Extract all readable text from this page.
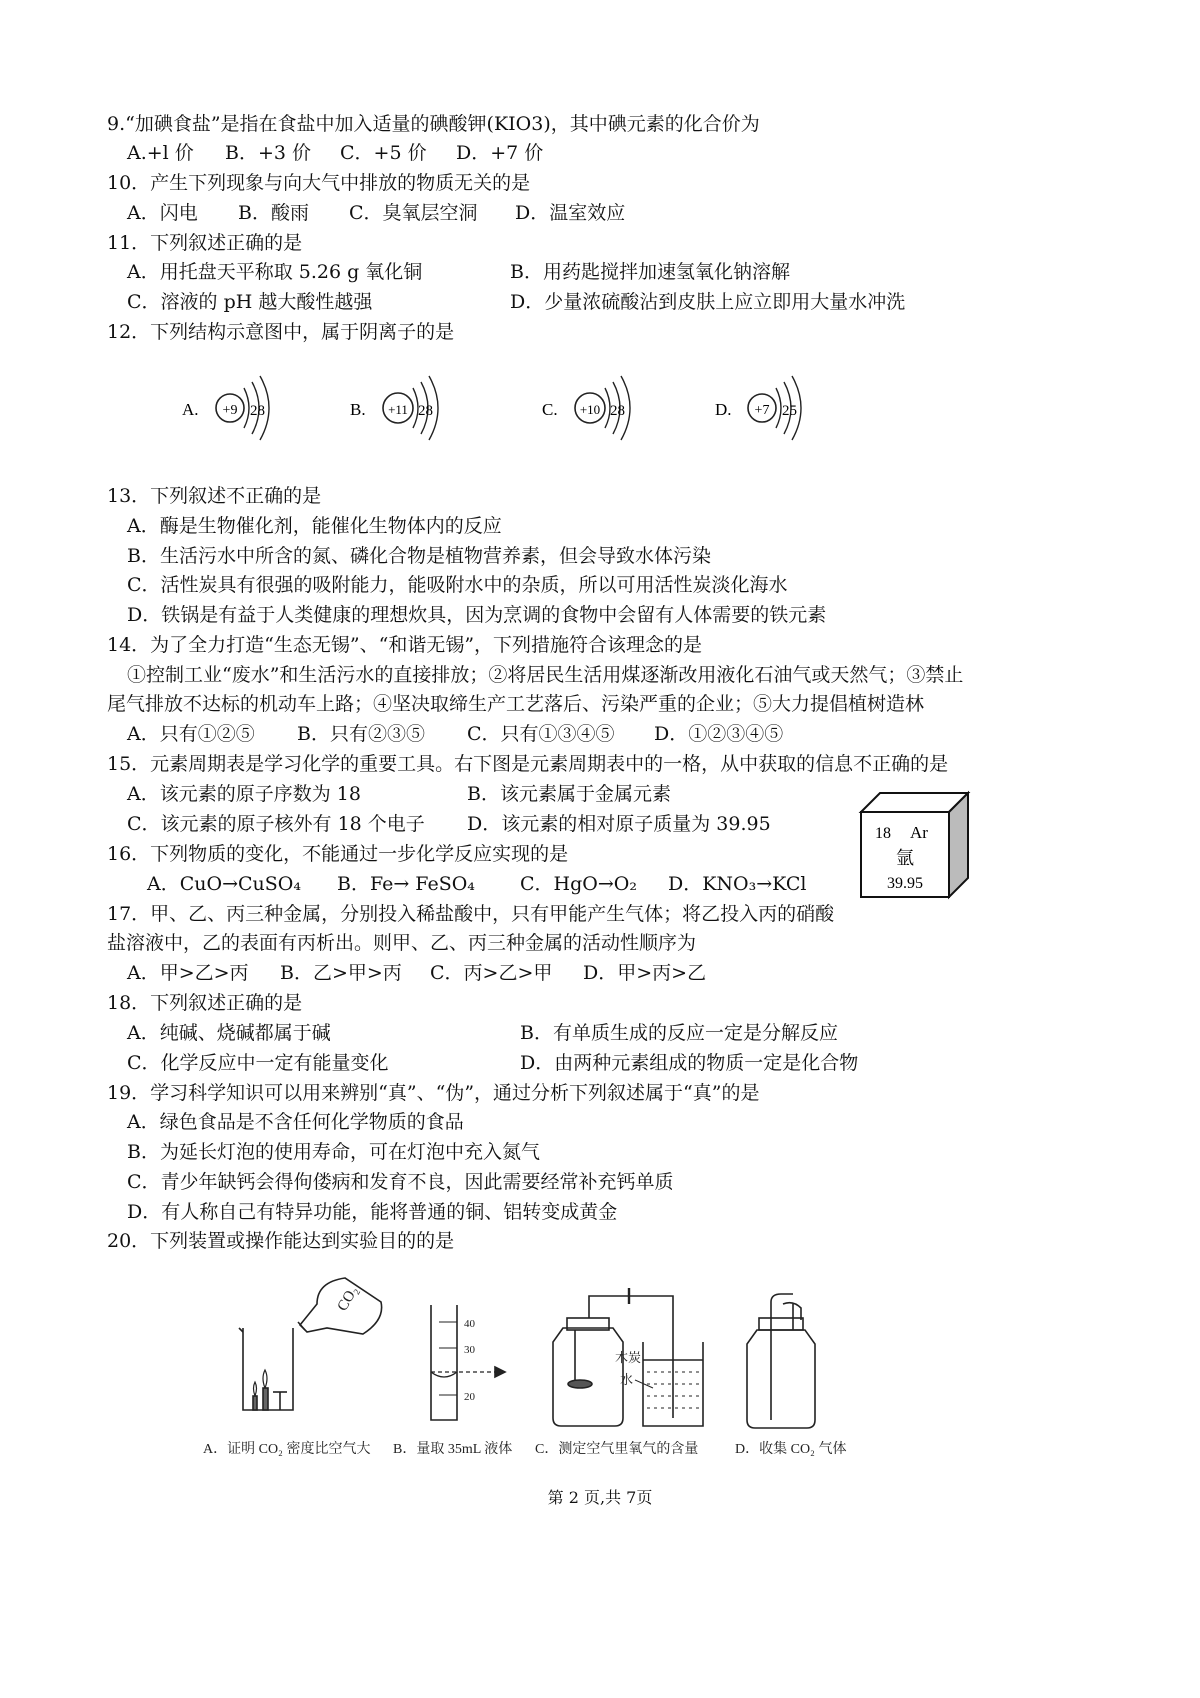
9.“加碘食盐”是指在食盐中加入适量的碘酸钾(KIO3)，其中碘元素的化合价为
A.+l 价 B．+3 价 C．+5 价 D．+7 价
10．产生下列现象与向大气中排放的物质无关的是
A．闪电 B．酸雨 C．臭氧层空洞 D．温室效应
11．下列叙述正确的是
A．用托盘天平称取 5.26 g 氧化铜	B．用药匙搅拌加速氢氧化钠溶解
C．溶液的 pH 越大酸性越强	D．少量浓硫酸沾到皮肤上应立即用大量水冲洗
12．下列结构示意图中，属于阴离子的是
A. +9 28	B. +11 28	C. +10 28	D. +7 25
13．下列叙述不正确的是
A．酶是生物催化剂，能催化生物体内的反应
B．生活污水中所含的氮、磷化合物是植物营养素，但会导致水体污染
C．活性炭具有很强的吸附能力，能吸附水中的杂质，所以可用活性炭淡化海水
D．铁锅是有益于人类健康的理想炊具，因为烹调的食物中会留有人体需要的铁元素
14．为了全力打造“生态无锡”、“和谐无锡”，下列措施符合该理念的是
①控制工业“废水”和生活污水的直接排放；②将居民生活用煤逐渐改用液化石油气或天然气；③禁止
尾气排放不达标的机动车上路；④坚决取缔生产工艺落后、污染严重的企业；⑤大力提倡植树造林
A．只有①②⑤ B．只有②③⑤ C．只有①③④⑤ D．①②③④⑤
15．元素周期表是学习化学的重要工具。右下图是元素周期表中的一格，从中获取的信息不正确的是
A．该元素的原子序数为 18	B．该元素属于金属元素
C．该元素的原子核外有 18 个电子 D．该元素的相对原子质量为 39.95	18 Ar
氩
39.95
16．下列物质的变化，不能通过一步化学反应实现的是
A．CuO→CuSO₄ B．Fe→ FeSO₄ C．HgO→O₂ D．KNO₃→KCl
17．甲、乙、丙三种金属，分别投入稀盐酸中，只有甲能产生气体；将乙投入丙的硝酸
盐溶液中，乙的表面有丙析出。则甲、乙、丙三种金属的活动性顺序为
A．甲>乙>丙 B．乙>甲>丙 C．丙>乙>甲 D．甲>丙>乙
18．下列叙述正确的是
A．纯碱、烧碱都属于碱	B．有单质生成的反应一定是分解反应
C．化学反应中一定有能量变化	D．由两种元素组成的物质一定是化合物
19．学习科学知识可以用来辨别“真”、“伪”，通过分析下列叙述属于“真”的是
A．绿色食品是不含任何化学物质的食品
B．为延长灯泡的使用寿命，可在灯泡中充入氮气
C．青少年缺钙会得佝偻病和发育不良，因此需要经常补充钙单质
D．有人称自己有特异功能，能将普通的铜、铝转变成黄金
20．下列装置或操作能达到实验目的的是
CO₂
40
30
20
木炭
水
A．证明 CO₂ 密度比空气大 B．量取 35mL 液体 C．测定空气里氧气的含量	D．收集 CO₂ 气体
第 2 页,共 7页
